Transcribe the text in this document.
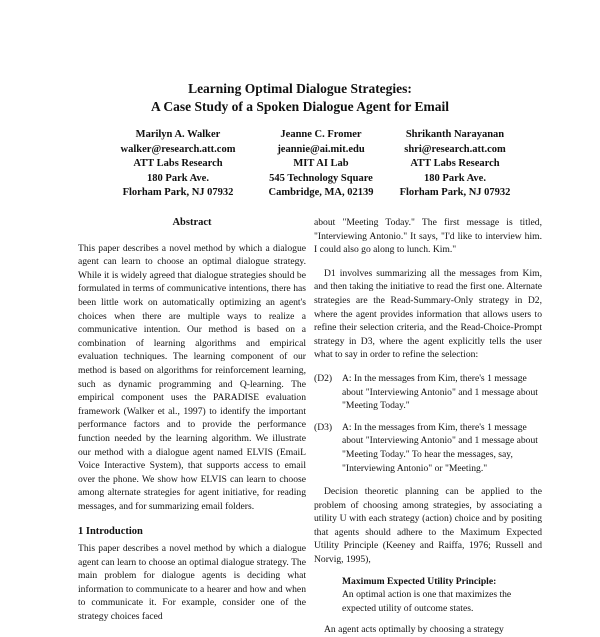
Learning Optimal Dialogue Strategies:
A Case Study of a Spoken Dialogue Agent for Email
Marilyn A. Walker
walker@research.att.com
ATT Labs Research
180 Park Ave.
Florham Park, NJ 07932
Jeanne C. Fromer
jeannie@ai.mit.edu
MIT AI Lab
545 Technology Square
Cambridge, MA, 02139
Shrikanth Narayanan
shri@research.att.com
ATT Labs Research
180 Park Ave.
Florham Park, NJ 07932
Abstract

This paper describes a novel method by which a dialogue agent can learn to choose an optimal dialogue strategy. While it is widely agreed that dialogue strategies should be formulated in terms of communicative intentions, there has been little work on automatically optimizing an agent's choices when there are multiple ways to realize a communicative intention. Our method is based on a combination of learning algorithms and empirical evaluation techniques. The learning component of our method is based on algorithms for reinforcement learning, such as dynamic programming and Q-learning. The empirical component uses the PARADISE evaluation framework (Walker et al., 1997) to identify the important performance factors and to provide the performance function needed by the learning algorithm. We illustrate our method with a dialogue agent named ELVIS (EmaiL Voice Interactive System), that supports access to email over the phone. We show how ELVIS can learn to choose among alternate strategies for agent initiative, for reading messages, and for summarizing email folders.

1 Introduction

This paper describes a novel method by which a dialogue agent can learn to choose an optimal dialogue strategy. The main problem for dialogue agents is deciding what information to communicate to a hearer and how and when to communicate it. For example, consider one of the strategy choices faced

about "Meeting Today." The first message is titled, "Interviewing Antonio." It says, "I'd like to interview him. I could also go along to lunch. Kim."

D1 involves summarizing all the messages from Kim, and then taking the initiative to read the first one. Alternate strategies are the Read-Summary-Only strategy in D2, where the agent provides information that allows users to refine their selection criteria, and the Read-Choice-Prompt strategy in D3, where the agent explicitly tells the user what to say in order to refine the selection:

(D2)	A: In the messages from Kim, there's 1 message about "Interviewing Antonio" and 1 message about "Meeting Today."
(D3)	A: In the messages from Kim, there's 1 message about "Interviewing Antonio" and 1 message about "Meeting Today." To hear the messages, say, "Interviewing Antonio" or "Meeting."

Decision theoretic planning can be applied to the problem of choosing among strategies, by associating a utility U with each strategy (action) choice and by positing that agents should adhere to the Maximum Expected Utility Principle (Keeney and Raiffa, 1976; Russell and Norvig, 1995),

Maximum Expected Utility Principle:
An optimal action is one that maximizes the expected utility of outcome states.

An agent acts optimally by choosing a strategy
